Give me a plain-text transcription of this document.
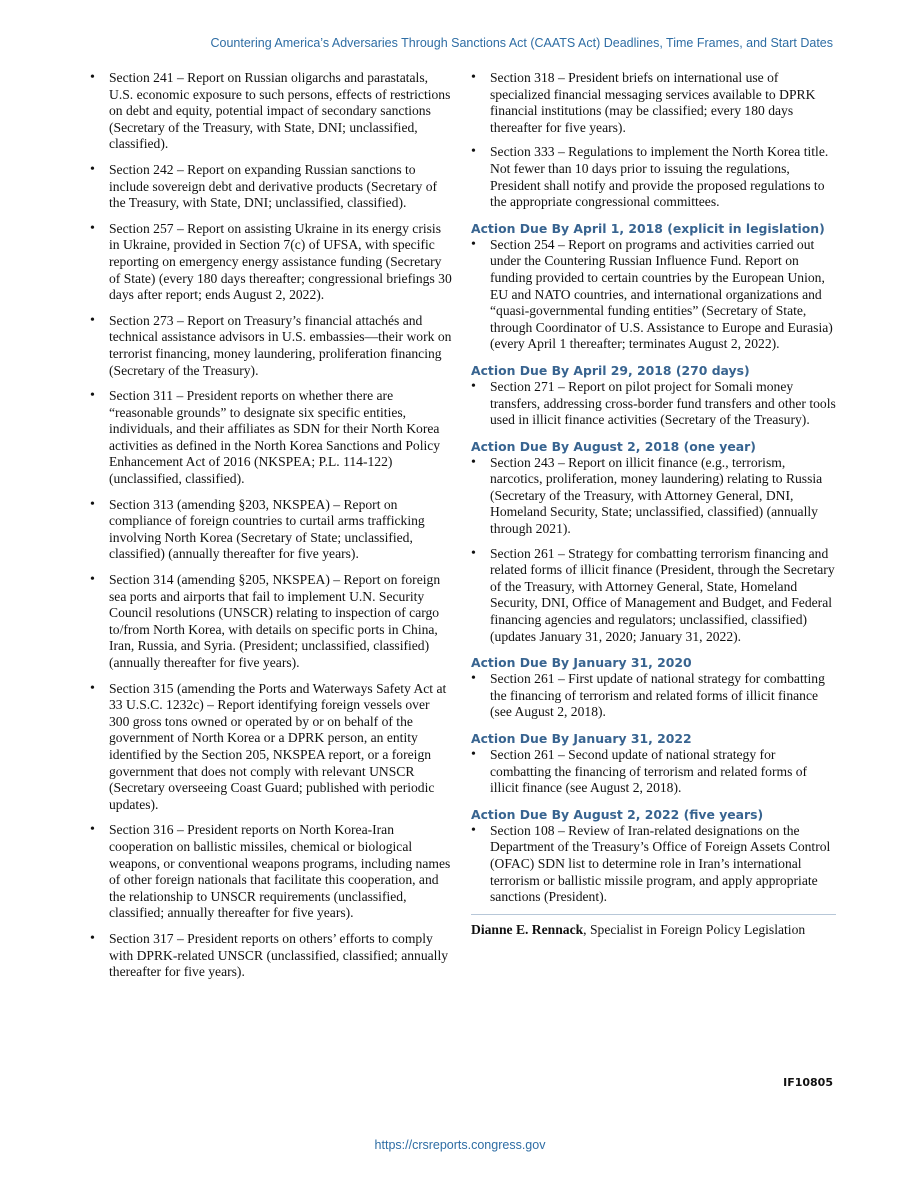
Countering America’s Adversaries Through Sanctions Act (CAATS Act) Deadlines, Time Frames, and Start Dates
• Section 241 – Report on Russian oligarchs and parastatals, U.S. economic exposure to such persons, effects of restrictions on debt and equity, potential impact of secondary sanctions (Secretary of the Treasury, with State, DNI; unclassified, classified).
• Section 242 – Report on expanding Russian sanctions to include sovereign debt and derivative products (Secretary of the Treasury, with State, DNI; unclassified, classified).
• Section 257 – Report on assisting Ukraine in its energy crisis in Ukraine, provided in Section 7(c) of UFSA, with specific reporting on emergency energy assistance funding (Secretary of State) (every 180 days thereafter; congressional briefings 30 days after report; ends August 2, 2022).
• Section 273 – Report on Treasury’s financial attachés and technical assistance advisors in U.S. embassies—their work on terrorist financing, money laundering, proliferation financing (Secretary of the Treasury).
• Section 311 – President reports on whether there are “reasonable grounds” to designate six specific entities, individuals, and their affiliates as SDN for their North Korea activities as defined in the North Korea Sanctions and Policy Enhancement Act of 2016 (NKSPEA; P.L. 114-122) (unclassified, classified).
• Section 313 (amending §203, NKSPEA) – Report on compliance of foreign countries to curtail arms trafficking involving North Korea (Secretary of State; unclassified, classified) (annually thereafter for five years).
• Section 314 (amending §205, NKSPEA) – Report on foreign sea ports and airports that fail to implement U.N. Security Council resolutions (UNSCR) relating to inspection of cargo to/from North Korea, with details on specific ports in China, Iran, Russia, and Syria. (President; unclassified, classified) (annually thereafter for five years).
• Section 315 (amending the Ports and Waterways Safety Act at 33 U.S.C. 1232c) – Report identifying foreign vessels over 300 gross tons owned or operated by or on behalf of the government of North Korea or a DPRK person, an entity identified by the Section 205, NKSPEA report, or a foreign government that does not comply with relevant UNSCR (Secretary overseeing Coast Guard; published with periodic updates).
• Section 316 – President reports on North Korea-Iran cooperation on ballistic missiles, chemical or biological weapons, or conventional weapons programs, including names of other foreign nationals that facilitate this cooperation, and the relationship to UNSCR requirements (unclassified, classified; annually thereafter for five years).
• Section 317 – President reports on others’ efforts to comply with DPRK-related UNSCR (unclassified, classified; annually thereafter for five years).
• Section 318 – President briefs on international use of specialized financial messaging services available to DPRK financial institutions (may be classified; every 180 days thereafter for five years).
• Section 333 – Regulations to implement the North Korea title. Not fewer than 10 days prior to issuing the regulations, President shall notify and provide the proposed regulations to the appropriate congressional committees.
Action Due By April 1, 2018 (explicit in legislation)
• Section 254 – Report on programs and activities carried out under the Countering Russian Influence Fund. Report on funding provided to certain countries by the European Union, EU and NATO countries, and international organizations and “quasi-governmental funding entities” (Secretary of State, through Coordinator of U.S. Assistance to Europe and Eurasia) (every April 1 thereafter; terminates August 2, 2022).
Action Due By April 29, 2018 (270 days)
• Section 271 – Report on pilot project for Somali money transfers, addressing cross-border fund transfers and other tools used in illicit finance activities (Secretary of the Treasury).
Action Due By August 2, 2018 (one year)
• Section 243 – Report on illicit finance (e.g., terrorism, narcotics, proliferation, money laundering) relating to Russia (Secretary of the Treasury, with Attorney General, DNI, Homeland Security, State; unclassified, classified) (annually through 2021).
• Section 261 – Strategy for combatting terrorism financing and related forms of illicit finance (President, through the Secretary of the Treasury, with Attorney General, State, Homeland Security, DNI, Office of Management and Budget, and Federal financing agencies and regulators; unclassified, classified) (updates January 31, 2020; January 31, 2022).
Action Due By January 31, 2020
• Section 261 – First update of national strategy for combatting the financing of terrorism and related forms of illicit finance (see August 2, 2018).
Action Due By January 31, 2022
• Section 261 – Second update of national strategy for combatting the financing of terrorism and related forms of illicit finance (see August 2, 2018).
Action Due By August 2, 2022 (five years)
• Section 108 – Review of Iran-related designations on the Department of the Treasury’s Office of Foreign Assets Control (OFAC) SDN list to determine role in Iran’s international terrorism or ballistic missile program, and apply appropriate sanctions (President).

Dianne E. Rennack, Specialist in Foreign Policy Legislation

IF10805
https://crsreports.congress.gov
